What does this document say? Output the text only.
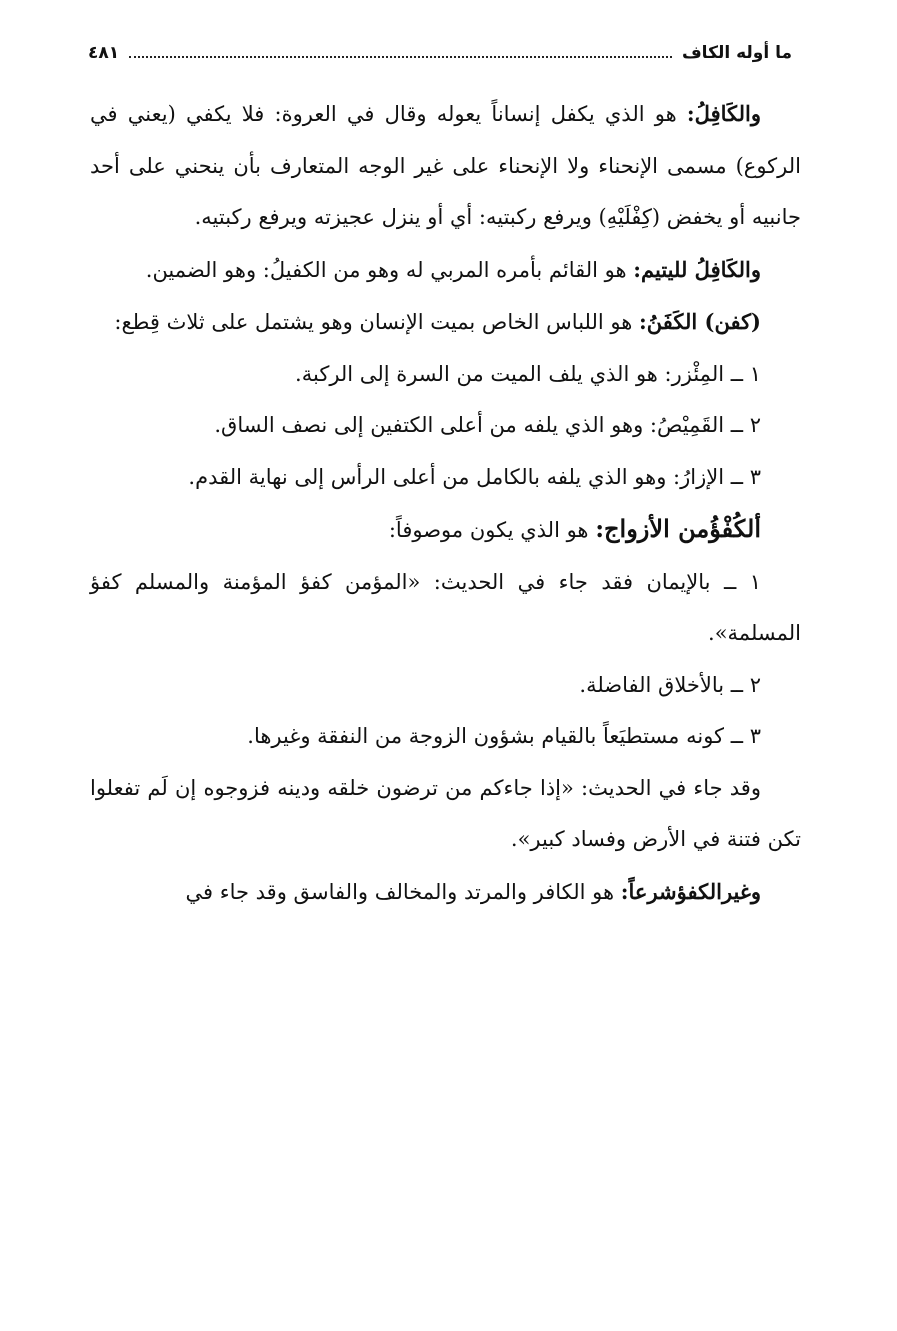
ما أوله الكاف
٤٨١

والكَافِلُ: هو الذي يكفل إنساناً يعوله وقال في العروة: فلا يكفي (يعني في الركوع) مسمى الإنحناء ولا الإنحناء على غير الوجه المتعارف بأن ينحني على أحد جانبيه أو يخفض (كِفْلَيْهِ) ويرفع ركبتيه: أي أو ينزل عجيزته ويرفع ركبتيه.

والكَافِلُ لليتيم: هو القائم بأمره المربي له وهو من الكفيلُ: وهو الضمين.

(كفن) الكَفَنُ: هو اللباس الخاص بميت الإنسان وهو يشتمل على ثلاث قِطع:

١ ــ المِئْزر: هو الذي يلف الميت من السرة إلى الركبة.

٢ ــ القَمِيْصُ: وهو الذي يلفه من أعلى الكتفين إلى نصف الساق.

٣ ــ الإزارُ: وهو الذي يلفه بالكامل من أعلى الرأس إلى نهاية القدم.

ألكُفْؤُمن الأزواج: هو الذي يكون موصوفاً:

١ ــ بالإيمان فقد جاء في الحديث: «المؤمن كفؤ المؤمنة والمسلم كفؤ المسلمة».

٢ ــ بالأخلاق الفاضلة.

٣ ــ كونه مستطيَعاً بالقيام بشؤون الزوجة من النفقة وغيرها.

وقد جاء في الحديث: «إذا جاءكم من ترضون خلقه ودينه فزوجوه إن لَم تفعلوا تكن فتنة في الأرض وفساد كبير».

وغيرالكفؤشرعاً: هو الكافر والمرتد والمخالف والفاسق وقد جاء في
